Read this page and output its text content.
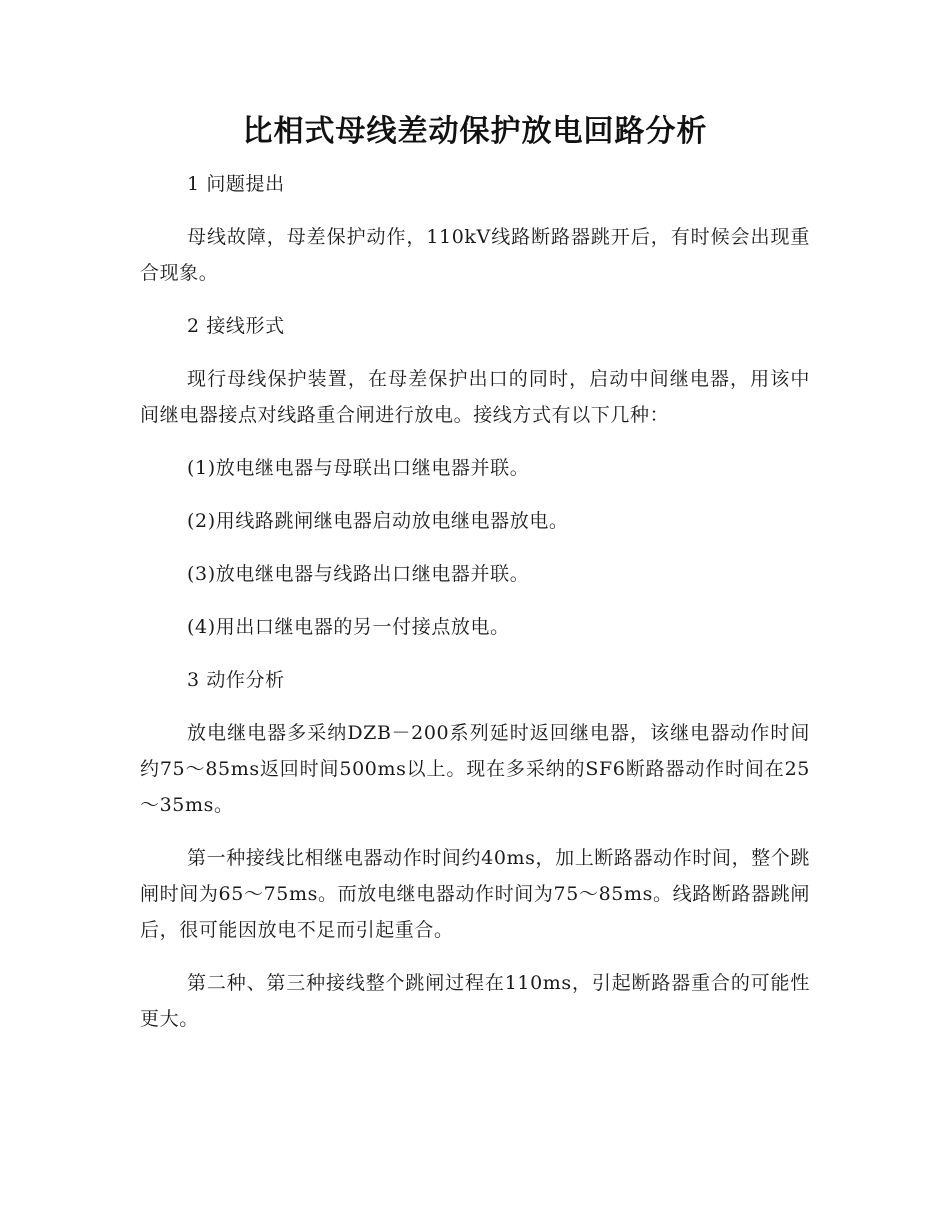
比相式母线差动保护放电回路分析

1 问题提出

母线故障，母差保护动作，110kV线路断路器跳开后，有时候会出现重合现象。

2 接线形式

现行母线保护装置，在母差保护出口的同时，启动中间继电器，用该中间继电器接点对线路重合闸进行放电。接线方式有以下几种：

(1)放电继电器与母联出口继电器并联。

(2)用线路跳闸继电器启动放电继电器放电。

(3)放电继电器与线路出口继电器并联。

(4)用出口继电器的另一付接点放电。

3 动作分析

放电继电器多采纳DZB－200系列延时返回继电器，该继电器动作时间约75～85ms返回时间500ms以上。现在多采纳的SF6断路器动作时间在25～35ms。

第一种接线比相继电器动作时间约40ms，加上断路器动作时间，整个跳闸时间为65～75ms。而放电继电器动作时间为75～85ms。线路断路器跳闸后，很可能因放电不足而引起重合。

第二种、第三种接线整个跳闸过程在110ms，引起断路器重合的可能性更大。
